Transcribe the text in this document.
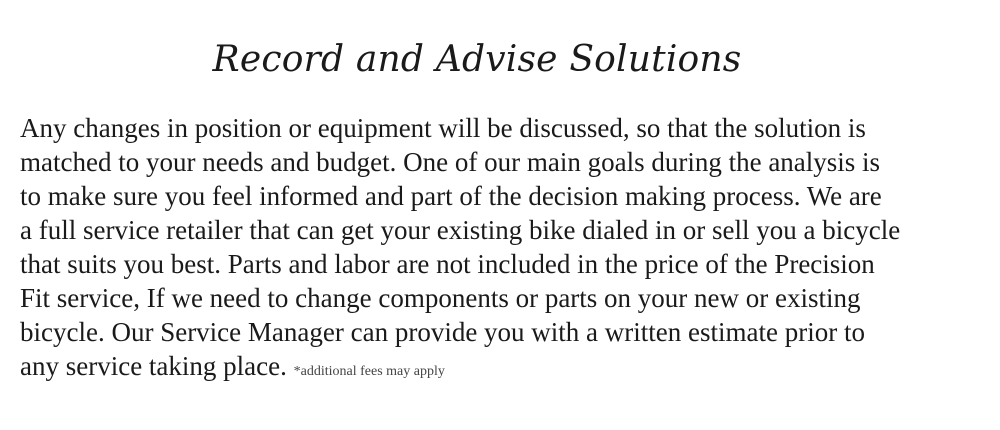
Record and Advise Solutions

Any changes in position or equipment will be discussed, so that the solution is
matched to your needs and budget. One of our main goals during the analysis is
to make sure you feel informed and part of the decision making process. We are
a full service retailer that can get your existing bike dialed in or sell you a bicycle
that suits you best. Parts and labor are not included in the price of the Precision
Fit service, If we need to change components or parts on your new or existing
bicycle. Our Service Manager can provide you with a written estimate prior to
any service taking place. *additional fees may apply
